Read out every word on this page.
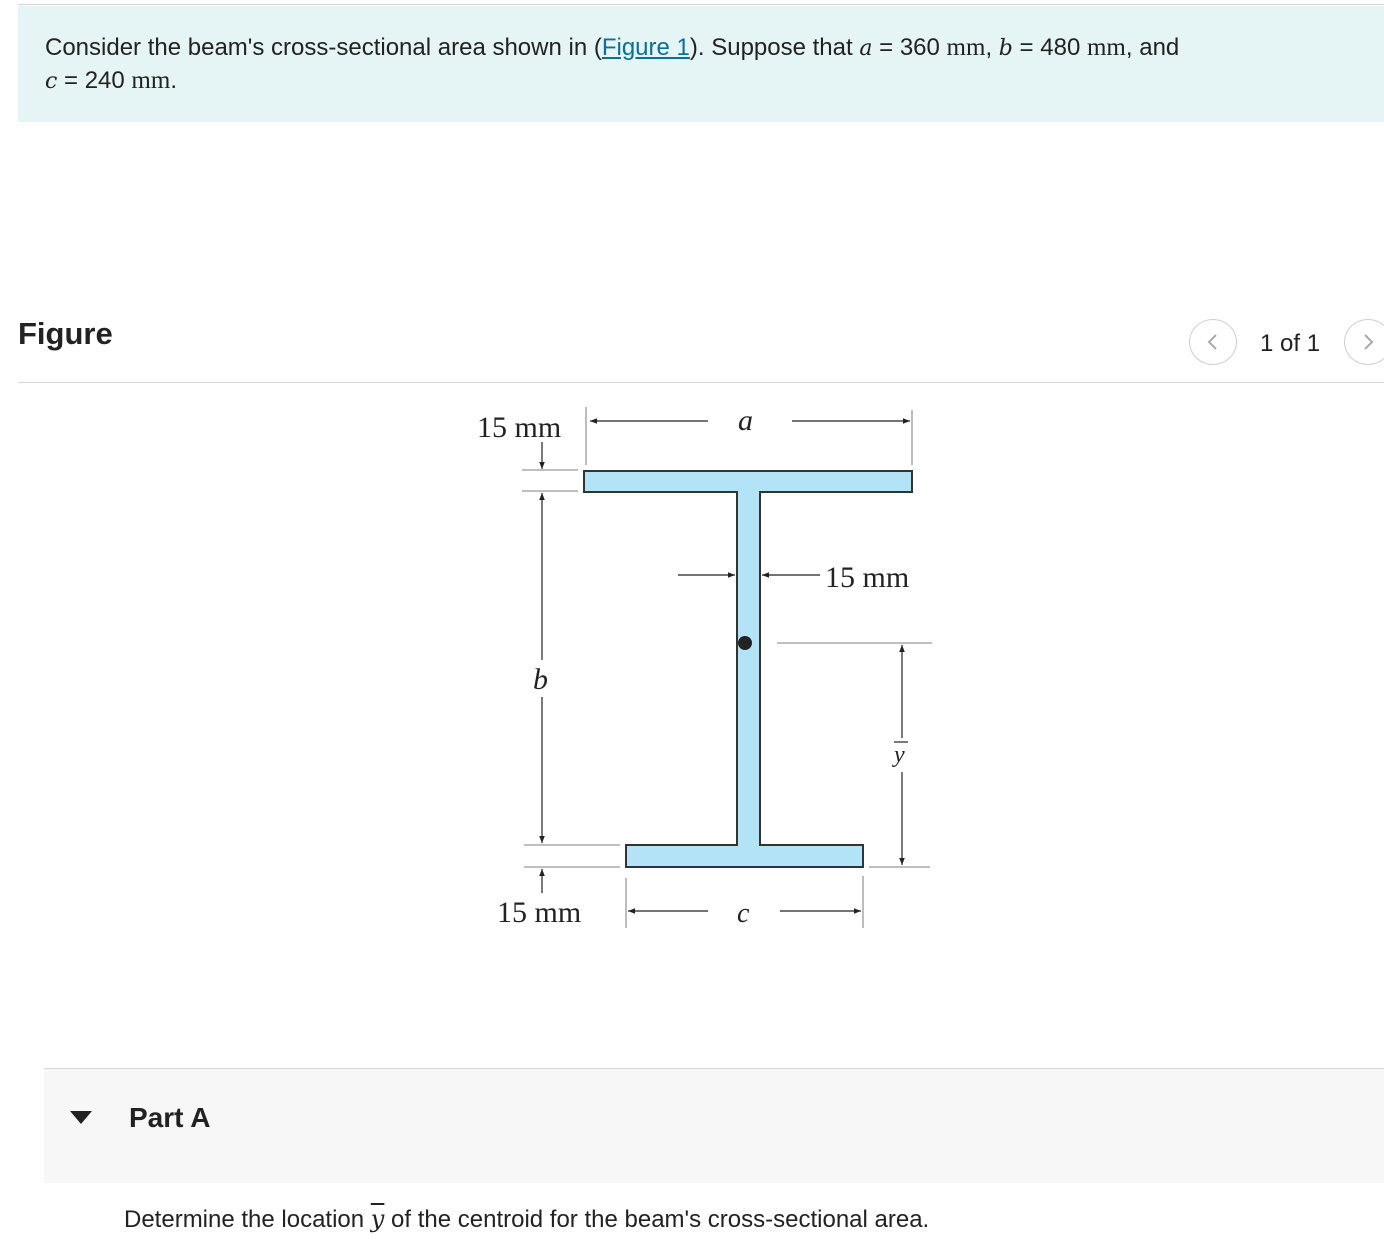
Consider the beam's cross-sectional area shown in (Figure 1). Suppose that a = 360 mm, b = 480 mm, and
c = 240 mm.
Figure	1 of 1
15 mm	a
15 mm
b
y
15 mm	c
Part A
Determine the location $\overline{y}$ of the centroid for the beam's cross-sectional area.
